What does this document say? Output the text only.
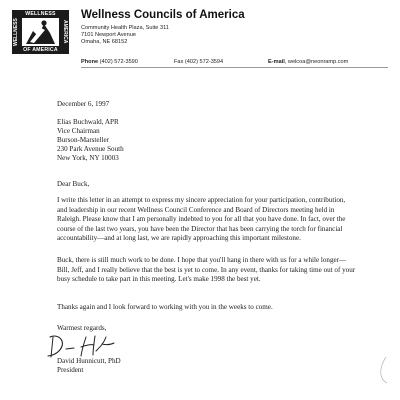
WELLNESS
WELLNESS	AMERICA
OF AMERICA
Wellness Councils of America
Community Health Plaza, Suite 311
7101 Newport Avenue
Omaha, NE 68152
Phone (402) 572-3590	Fax (402) 572-3594	E-mail, welcoa@neonramp.com
December 6, 1997
Elias Buchwald, APR
Vice Chairman
Burson-Marsteller
230 Park Avenue South
New York, NY 10003
Dear Buck,

I write this letter in an attempt to express my sincere appreciation for your participation, contribution, and leadership in our recent Wellness Council Conference and Board of Directors meeting held in Raleigh. Please know that I am personally indebted to you for all that you have done. In fact, over the course of the last two years, you have been the Director that has been carrying the torch for financial accountability—and at long last, we are rapidly approaching this important milestone.

Buck, there is still much work to be done. I hope that you'll hang in there with us for a while longer—Bill, Jeff, and I really believe that the best is yet to come. In any event, thanks for taking time out of your busy schedule to take part in this meeting. Let's make 1998 the best yet.

Thanks again and I look forward to working with you in the weeks to come.

Warmest regards,
David Hunnicutt, PhD
President
